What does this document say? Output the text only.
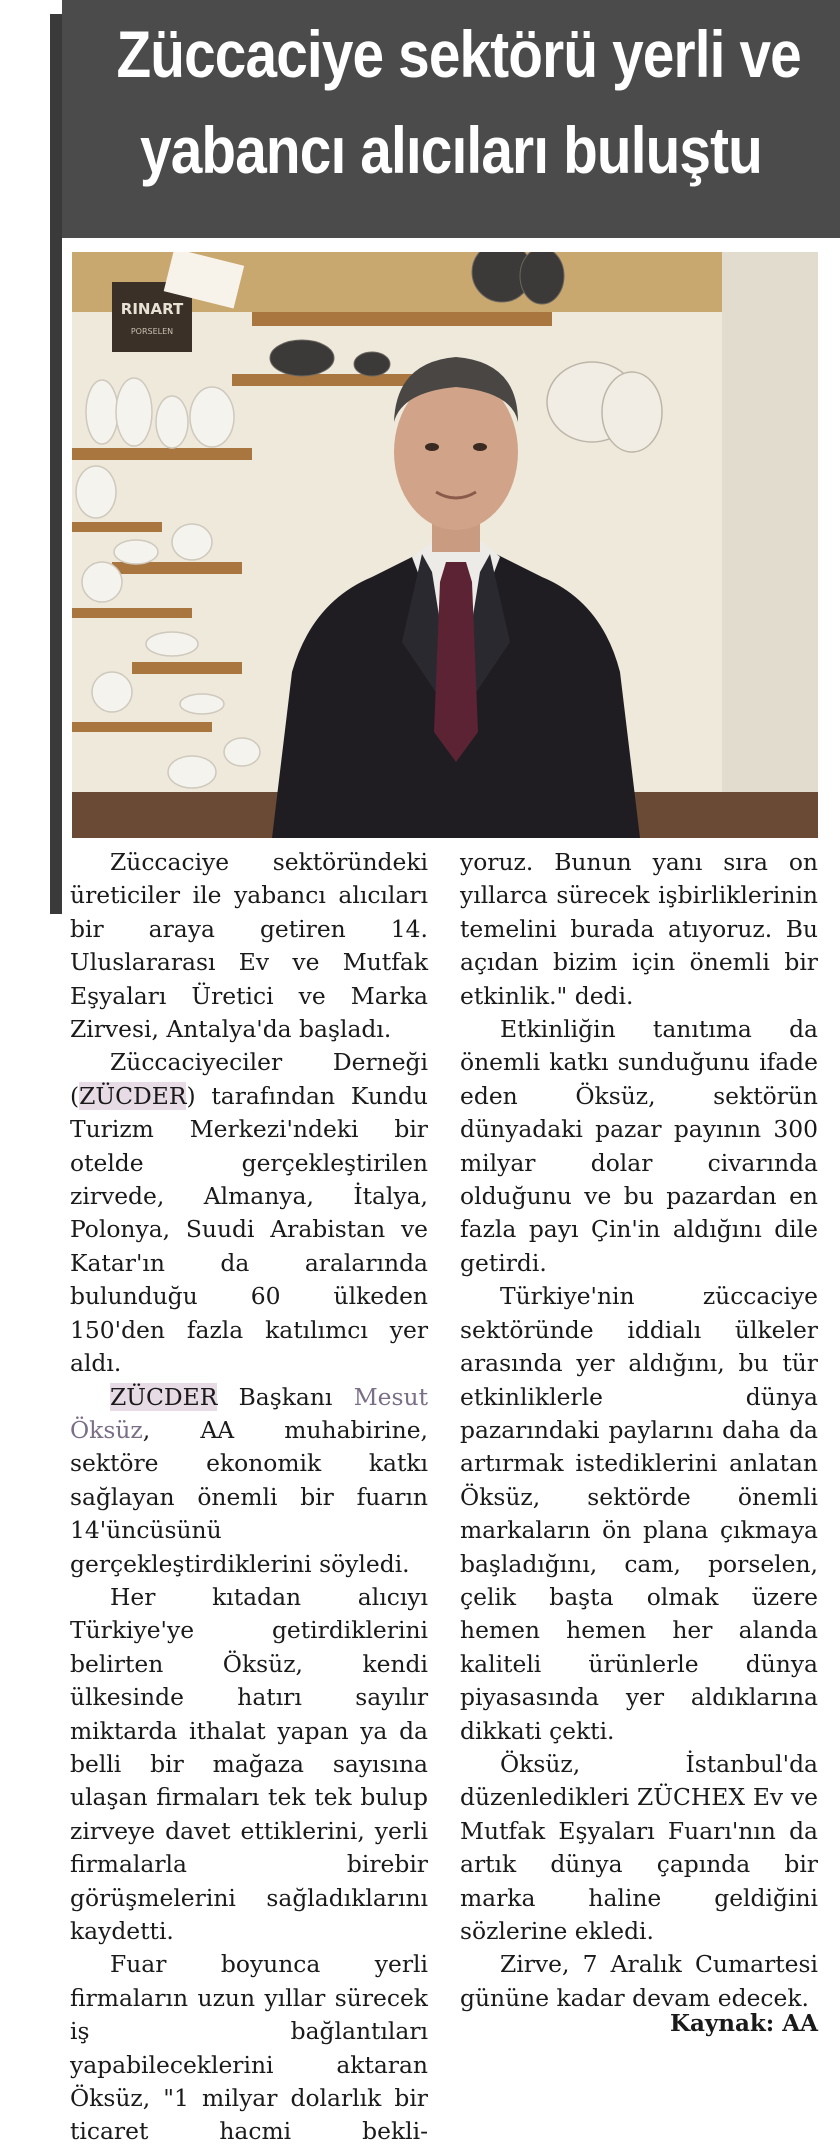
Züccaciye sektörü yerli ve
yabancı alıcıları buluştu
RINART
PORSELEN

Züccaciye sektöründeki üreticiler ile yabancı alıcıları bir araya getiren 14. Uluslararası Ev ve Mutfak Eşyaları Üretici ve Marka Zirvesi, Antalya'da başladı.

Züccaciyeciler Derneği (ZÜCDER) tarafından Kundu Turizm Merkezi'ndeki bir otelde gerçekleştirilen zirvede, Almanya, İtalya, Polonya, Suudi Arabistan ve Katar'ın da aralarında bulunduğu 60 ülkeden 150'den fazla katılımcı yer aldı.

ZÜCDER Başkanı Mesut Öksüz, AA muhabirine, sektöre ekonomik katkı sağlayan önemli bir fuarın 14'üncüsünü gerçekleştirdiklerini söyledi.

Her kıtadan alıcıyı Türkiye'ye getirdiklerini belirten Öksüz, kendi ülkesinde hatırı sayılır miktarda ithalat yapan ya da belli bir mağaza sayısına ulaşan firmaları tek tek bulup zirveye davet ettiklerini, yerli firmalarla birebir görüşmelerini sağladıklarını kaydetti.

Fuar boyunca yerli firmaların uzun yıllar sürecek iş bağlantıları yapabileceklerini aktaran Öksüz, "1 milyar dolarlık bir ticaret hacmi bekli-

yoruz. Bunun yanı sıra on yıllarca sürecek işbirliklerinin temelini burada atıyoruz. Bu açıdan bizim için önemli bir etkinlik." dedi.

Etkinliğin tanıtıma da önemli katkı sunduğunu ifade eden Öksüz, sektörün dünyadaki pazar payının 300 milyar dolar civarında olduğunu ve bu pazardan en fazla payı Çin'in aldığını dile getirdi.

Türkiye'nin züccaciye sektöründe iddialı ülkeler arasında yer aldığını, bu tür etkinliklerle dünya pazarındaki paylarını daha da artırmak istediklerini anlatan Öksüz, sektörde önemli markaların ön plana çıkmaya başladığını, cam, porselen, çelik başta olmak üzere hemen hemen her alanda kaliteli ürünlerle dünya piyasasında yer aldıklarına dikkati çekti.

Öksüz, İstanbul'da düzenledikleri ZÜCHEX Ev ve Mutfak Eşyaları Fuarı'nın da artık dünya çapında bir marka haline geldiğini sözlerine ekledi.

Zirve, 7 Aralık Cumartesi gününe kadar devam edecek.

Kaynak: AA
